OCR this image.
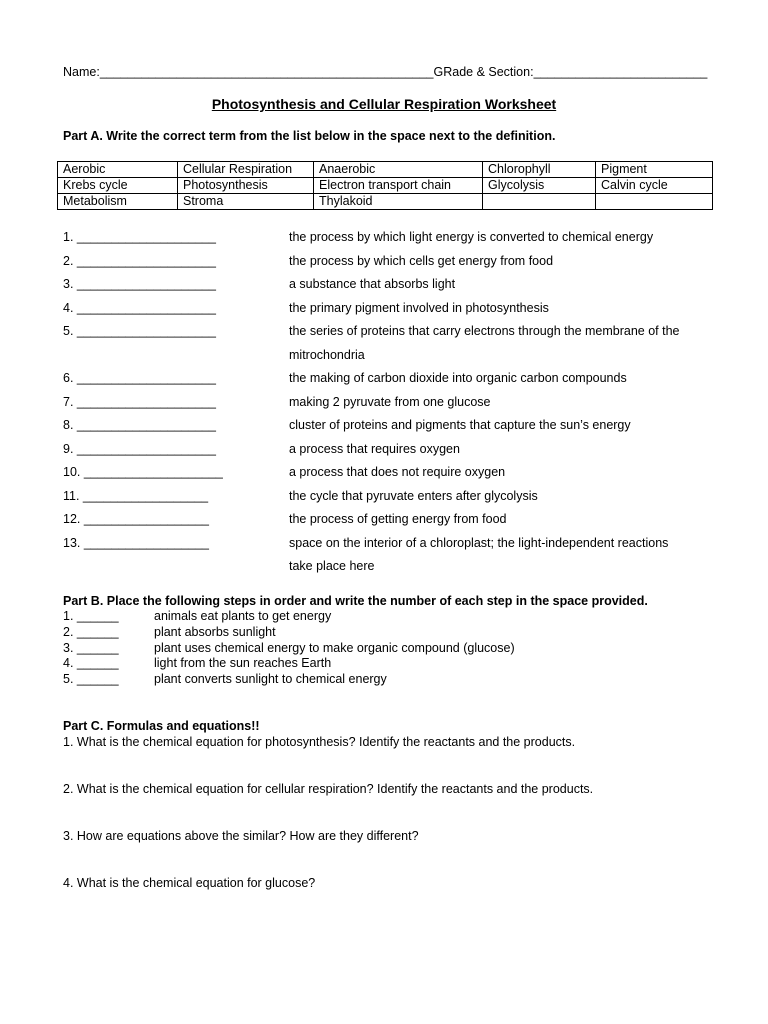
Name:________________________________________________GRade & Section:_________________________
Photosynthesis and Cellular Respiration Worksheet
Part A. Write the correct term from the list below in the space next to the definition.
Aerobic	Cellular Respiration	Anaerobic	Chlorophyll	Pigment
Krebs cycle	Photosynthesis	Electron transport chain	Glycolysis	Calvin cycle
Metabolism	Stroma	Thylakoid		
1. ____________________	the process by which light energy is converted to chemical energy
2. ____________________	the process by which cells get energy from food
3. ____________________	a substance that absorbs light
4. ____________________	the primary pigment involved in photosynthesis
5. ____________________	the series of proteins that carry electrons through the membrane of the
mitrochondria
6. ____________________	the making of carbon dioxide into organic carbon compounds
7. ____________________	making 2 pyruvate from one glucose
8. ____________________	cluster of proteins and pigments that capture the sun’s energy
9. ____________________	a process that requires oxygen
10. ____________________	a process that does not require oxygen
11. __________________	the cycle that pyruvate enters after glycolysis
12. __________________	the process of getting energy from food
13. __________________	space on the interior of a chloroplast; the light-independent reactions
take place here
Part B. Place the following steps in order and write the number of each step in the space provided.
1. ______	animals eat plants to get energy
2. ______	plant absorbs sunlight
3. ______	plant uses chemical energy to make organic compound (glucose)
4. ______	light from the sun reaches Earth
5. ______	plant converts sunlight to chemical energy
Part C. Formulas and equations!!
1. What is the chemical equation for photosynthesis? Identify the reactants and the products.
2. What is the chemical equation for cellular respiration? Identify the reactants and the products.
3. How are equations above the similar? How are they different?
4. What is the chemical equation for glucose?
